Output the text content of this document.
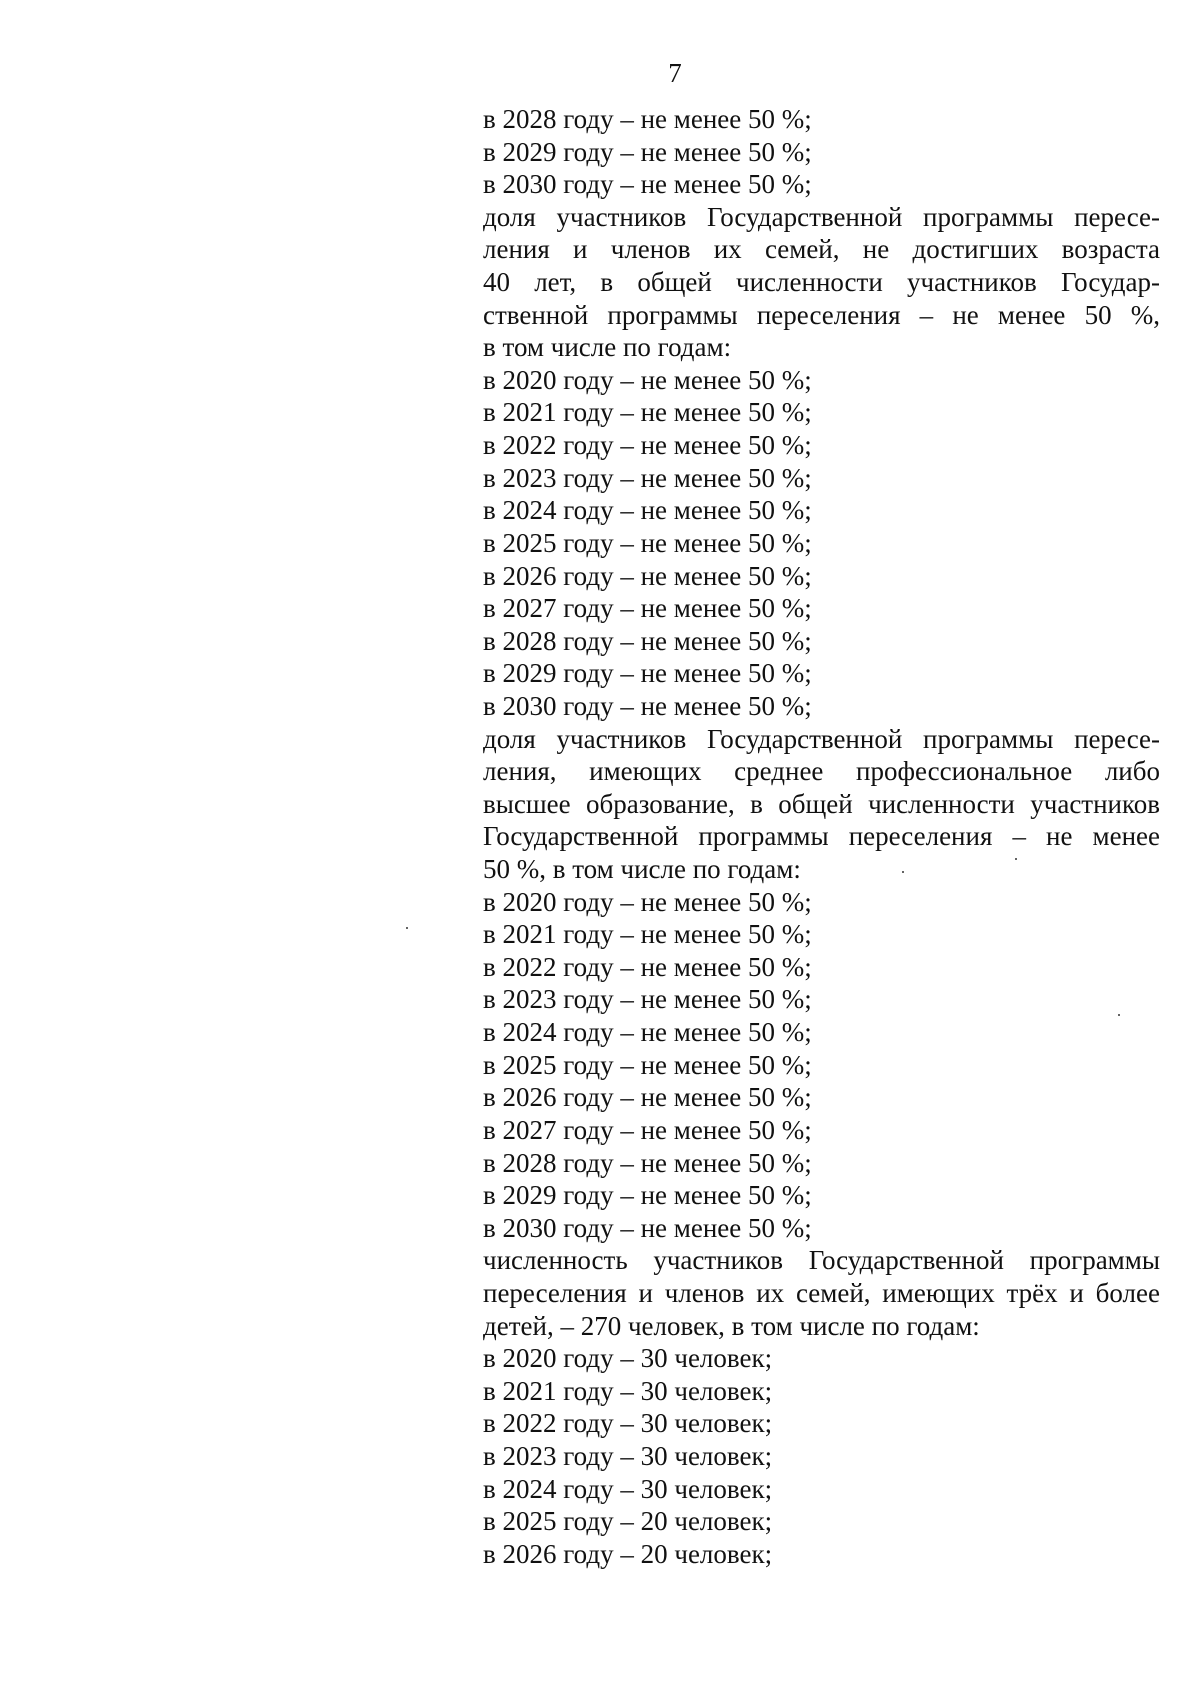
7
в 2028 году – не менее 50 %;
в 2029 году – не менее 50 %;
в 2030 году – не менее 50 %;
доля участников Государственной программы пересе-
ления и членов их семей, не достигших возраста
40 лет, в общей численности участников Государ-
ственной программы переселения – не менее 50 %,
в том числе по годам:
в 2020 году – не менее 50 %;
в 2021 году – не менее 50 %;
в 2022 году – не менее 50 %;
в 2023 году – не менее 50 %;
в 2024 году – не менее 50 %;
в 2025 году – не менее 50 %;
в 2026 году – не менее 50 %;
в 2027 году – не менее 50 %;
в 2028 году – не менее 50 %;
в 2029 году – не менее 50 %;
в 2030 году – не менее 50 %;
доля участников Государственной программы пересе-
ления, имеющих среднее профессиональное либо
высшее образование, в общей численности участников
Государственной программы переселения – не менее
50 %, в том числе по годам:
в 2020 году – не менее 50 %;
в 2021 году – не менее 50 %;
в 2022 году – не менее 50 %;
в 2023 году – не менее 50 %;
в 2024 году – не менее 50 %;
в 2025 году – не менее 50 %;
в 2026 году – не менее 50 %;
в 2027 году – не менее 50 %;
в 2028 году – не менее 50 %;
в 2029 году – не менее 50 %;
в 2030 году – не менее 50 %;
численность участников Государственной программы
переселения и членов их семей, имеющих трёх и более
детей, – 270 человек, в том числе по годам:
в 2020 году – 30 человек;
в 2021 году – 30 человек;
в 2022 году – 30 человек;
в 2023 году – 30 человек;
в 2024 году – 30 человек;
в 2025 году – 20 человек;
в 2026 году – 20 человек;
